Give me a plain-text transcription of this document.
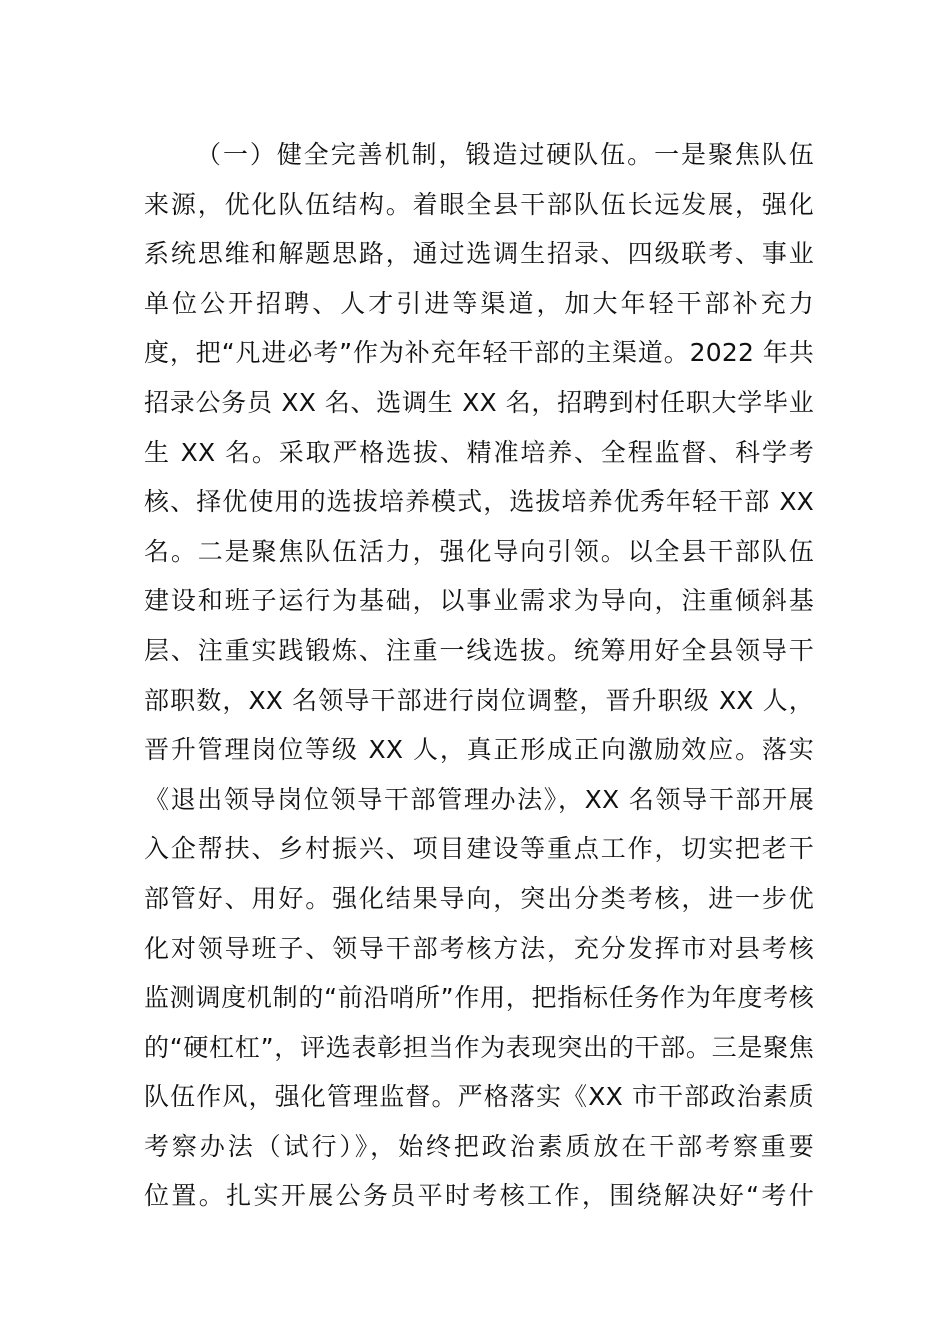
（一）健全完善机制，锻造过硬队伍。一是聚焦队伍
来源，优化队伍结构。着眼全县干部队伍长远发展，强化
系统思维和解题思路，通过选调生招录、四级联考、事业
单位公开招聘、人才引进等渠道，加大年轻干部补充力
度，把“凡进必考”作为补充年轻干部的主渠道。2022 年共
招录公务员 XX 名、选调生 XX 名，招聘到村任职大学毕业
生 XX 名。采取严格选拔、精准培养、全程监督、科学考
核、择优使用的选拔培养模式，选拔培养优秀年轻干部 XX
名。二是聚焦队伍活力，强化导向引领。以全县干部队伍
建设和班子运行为基础，以事业需求为导向，注重倾斜基
层、注重实践锻炼、注重一线选拔。统筹用好全县领导干
部职数，XX 名领导干部进行岗位调整，晋升职级 XX 人，
晋升管理岗位等级 XX 人，真正形成正向激励效应。落实
《退出领导岗位领导干部管理办法》，XX 名领导干部开展
入企帮扶、乡村振兴、项目建设等重点工作，切实把老干
部管好、用好。强化结果导向，突出分类考核，进一步优
化对领导班子、领导干部考核方法，充分发挥市对县考核
监测调度机制的“前沿哨所”作用，把指标任务作为年度考核
的“硬杠杠”，评选表彰担当作为表现突出的干部。三是聚焦
队伍作风，强化管理监督。严格落实《XX 市干部政治素质
考察办法（试行）》，始终把政治素质放在干部考察重要
位置。扎实开展公务员平时考核工作，围绕解决好“考什
